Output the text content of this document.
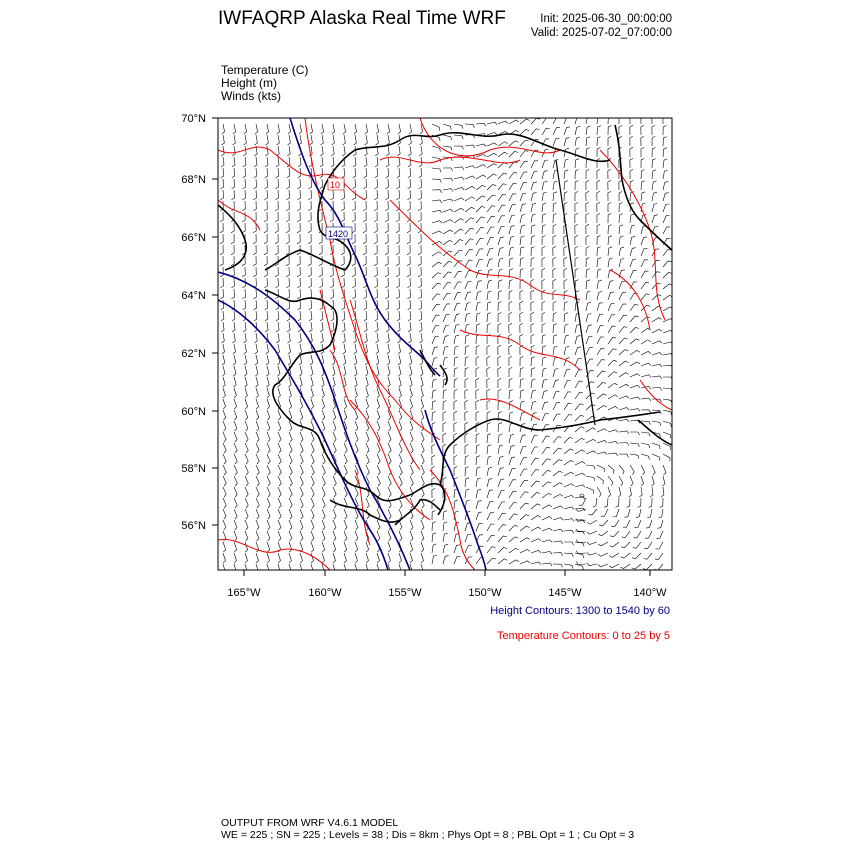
IWFAQRP Alaska Real Time WRF	Init: 2025-06-30_00:00:00
Valid: 2025-07-02_07:00:00
Temperature (C)
Height (m)
Winds (kts)
10
1420
70°N
68°N
66°N
64°N
62°N
60°N
58°N
56°N
165°W	160°W	155°W	150°W	145°W	140°W
Height Contours: 1300 to 1540 by 60
Temperature Contours: 0 to 25 by 5
OUTPUT FROM WRF V4.6.1 MODEL
WE = 225 ; SN = 225 ; Levels = 38 ; Dis = 8km ; Phys Opt = 8 ; PBL Opt = 1 ; Cu Opt = 3
